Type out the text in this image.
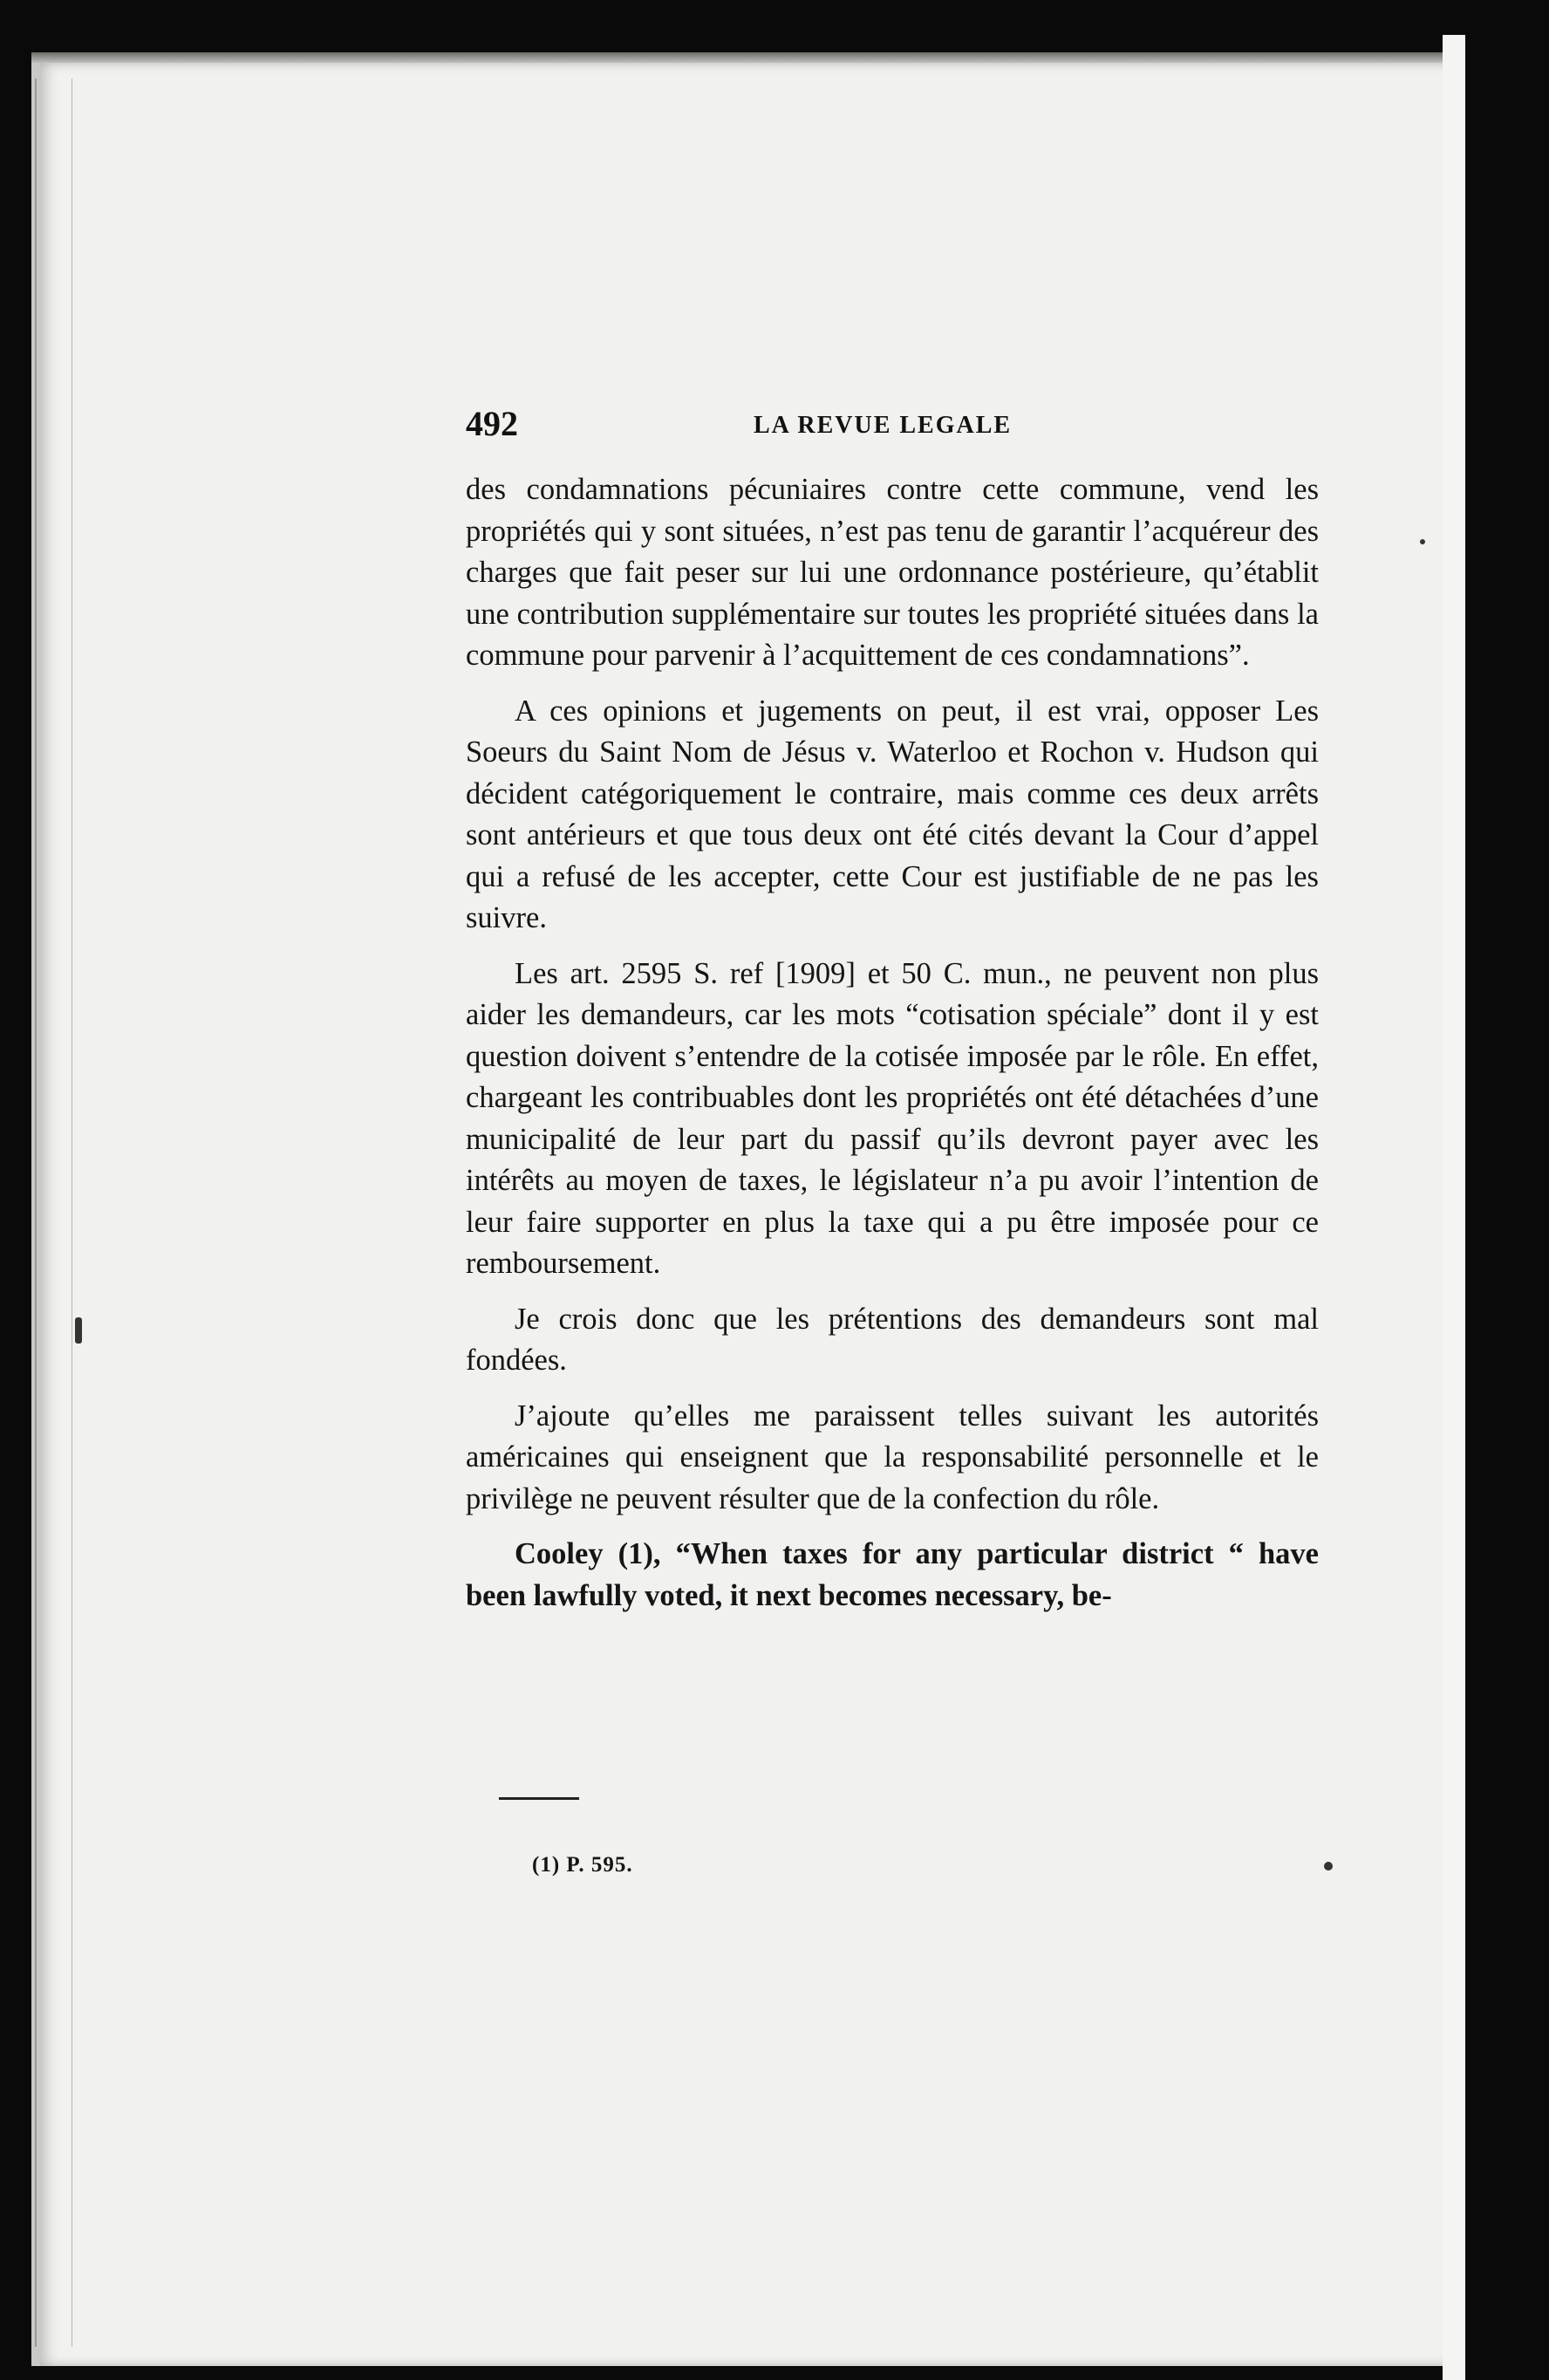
492	LA REVUE LEGALE

des condamnations pécuniaires contre cette commune, vend les propriétés qui y sont situées, n’est pas tenu de garantir l’acquéreur des charges que fait peser sur lui une ordonnance postérieure, qu’établit une contribution supplémentaire sur toutes les propriété situées dans la commune pour parvenir à l’acquittement de ces condamnations”.

A ces opinions et jugements on peut, il est vrai, opposer Les Soeurs du Saint Nom de Jésus v. Waterloo et Rochon v. Hudson qui décident catégoriquement le contraire, mais comme ces deux arrêts sont antérieurs et que tous deux ont été cités devant la Cour d’appel qui a refusé de les accepter, cette Cour est justifiable de ne pas les suivre.

Les art. 2595 S. ref [1909] et 50 C. mun., ne peuvent non plus aider les demandeurs, car les mots “cotisation spéciale” dont il y est question doivent s’entendre de la cotisée imposée par le rôle. En effet, chargeant les contribuables dont les propriétés ont été détachées d’une municipalité de leur part du passif qu’ils devront payer avec les intérêts au moyen de taxes, le législateur n’a pu avoir l’intention de leur faire supporter en plus la taxe qui a pu être imposée pour ce remboursement.

Je crois donc que les prétentions des demandeurs sont mal fondées.

J’ajoute qu’elles me paraissent telles suivant les autorités américaines qui enseignent que la responsabilité personnelle et le privilège ne peuvent résulter que de la confection du rôle.

Cooley (1), “When taxes for any particular district “ have been lawfully voted, it next becomes necessary, be-

(1) P. 595.
